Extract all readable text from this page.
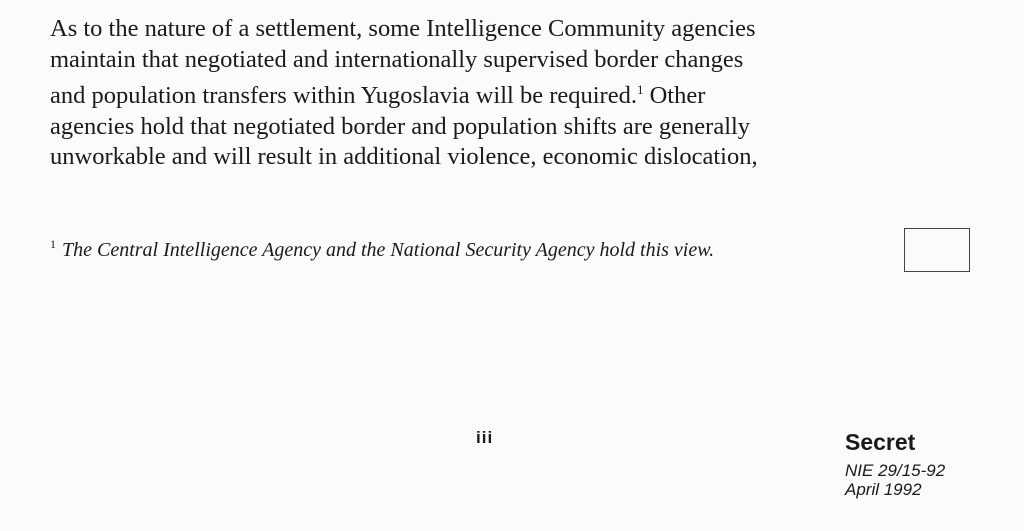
As to the nature of a settlement, some Intelligence Community agencies
maintain that negotiated and internationally supervised border changes
and population transfers within Yugoslavia will be required.$^1$ Other
agencies hold that negotiated border and population shifts are generally
unworkable and will result in additional violence, economic dislocation,

$^1$ The Central Intelligence Agency and the National Security Agency hold this view.
iii	Secret
NIE 29/15-92
April 1992
